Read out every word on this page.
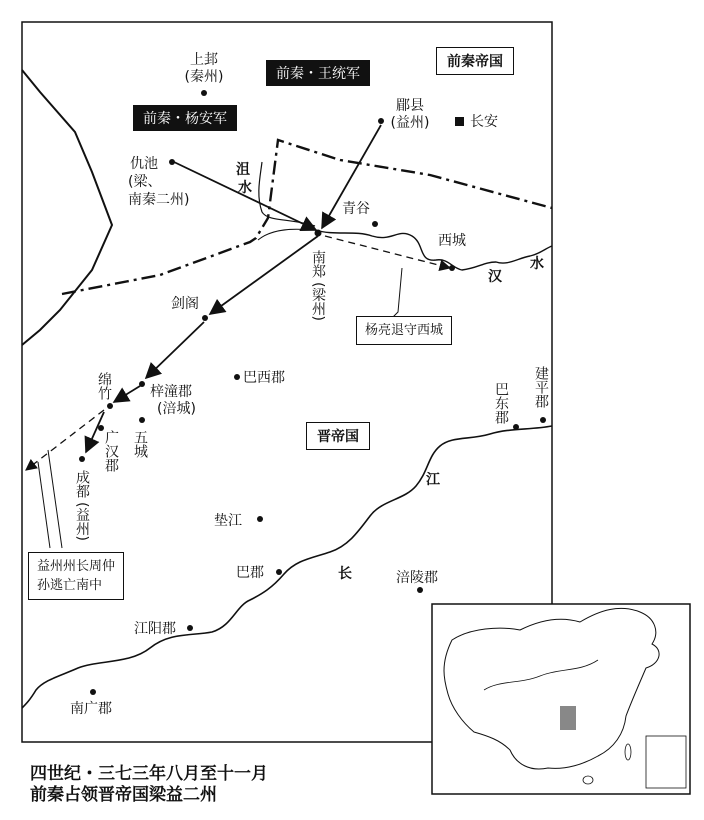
上邽
(秦州)
郿县
(益州)	长安
仇池
(梁、
南秦二州)
青谷
西城
剑阁
巴西郡
梓潼郡
(涪城)
垫江
巴郡	涪陵郡
江阳郡
南广郡
南郑
(梁州)
绵竹
广汉郡 五城
成都
(益州)
巴东郡 建平郡
沮
水
汉
水
江
长
前秦帝国
晋帝国
前秦・王统军
前秦・杨安军
杨亮退守西城
益州州长周仲
孙逃亡南中
四世纪・三七三年八月至十一月
前秦占领晋帝国梁益二州
